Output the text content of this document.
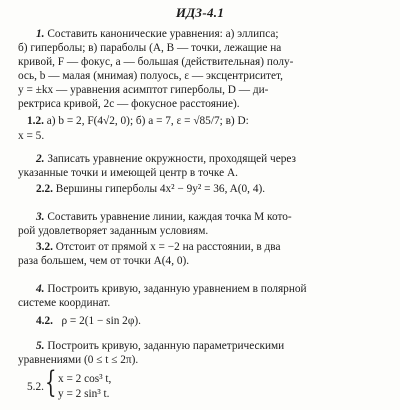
ИДЗ-4.1
1. Составить канонические уравнения: а) эллипса;
б) гиперболы; в) параболы (A, B — точки, лежащие на
кривой, F — фокус, a — большая (действительная) полу-
ось, b — малая (мнимая) полуось, ε — эксцентриситет,
y = ±kx — уравнения асимптот гиперболы, D — ди-
ректриса кривой, 2c — фокусное расстояние).
1.2. а) b = 2, F(4√2, 0); б) a = 7, ε = √85/7; в) D:
x = 5.
2. Записать уравнение окружности, проходящей через
указанные точки и имеющей центр в точке A.
2.2. Вершины гиперболы 4x² − 9y² = 36, A(0, 4).
3. Составить уравнение линии, каждая точка M кото-
рой удовлетворяет заданным условиям.
3.2. Отстоит от прямой x = −2 на расстоянии, в два
раза большем, чем от точки A(4, 0).
4. Построить кривую, заданную уравнением в полярной
системе координат.
4.2. ρ = 2(1 − sin 2φ).
5. Построить кривую, заданную параметрическими
уравнениями (0 ≤ t ≤ 2π).
5.2. { x = 2 cos³ t,
y = 2 sin³ t.
